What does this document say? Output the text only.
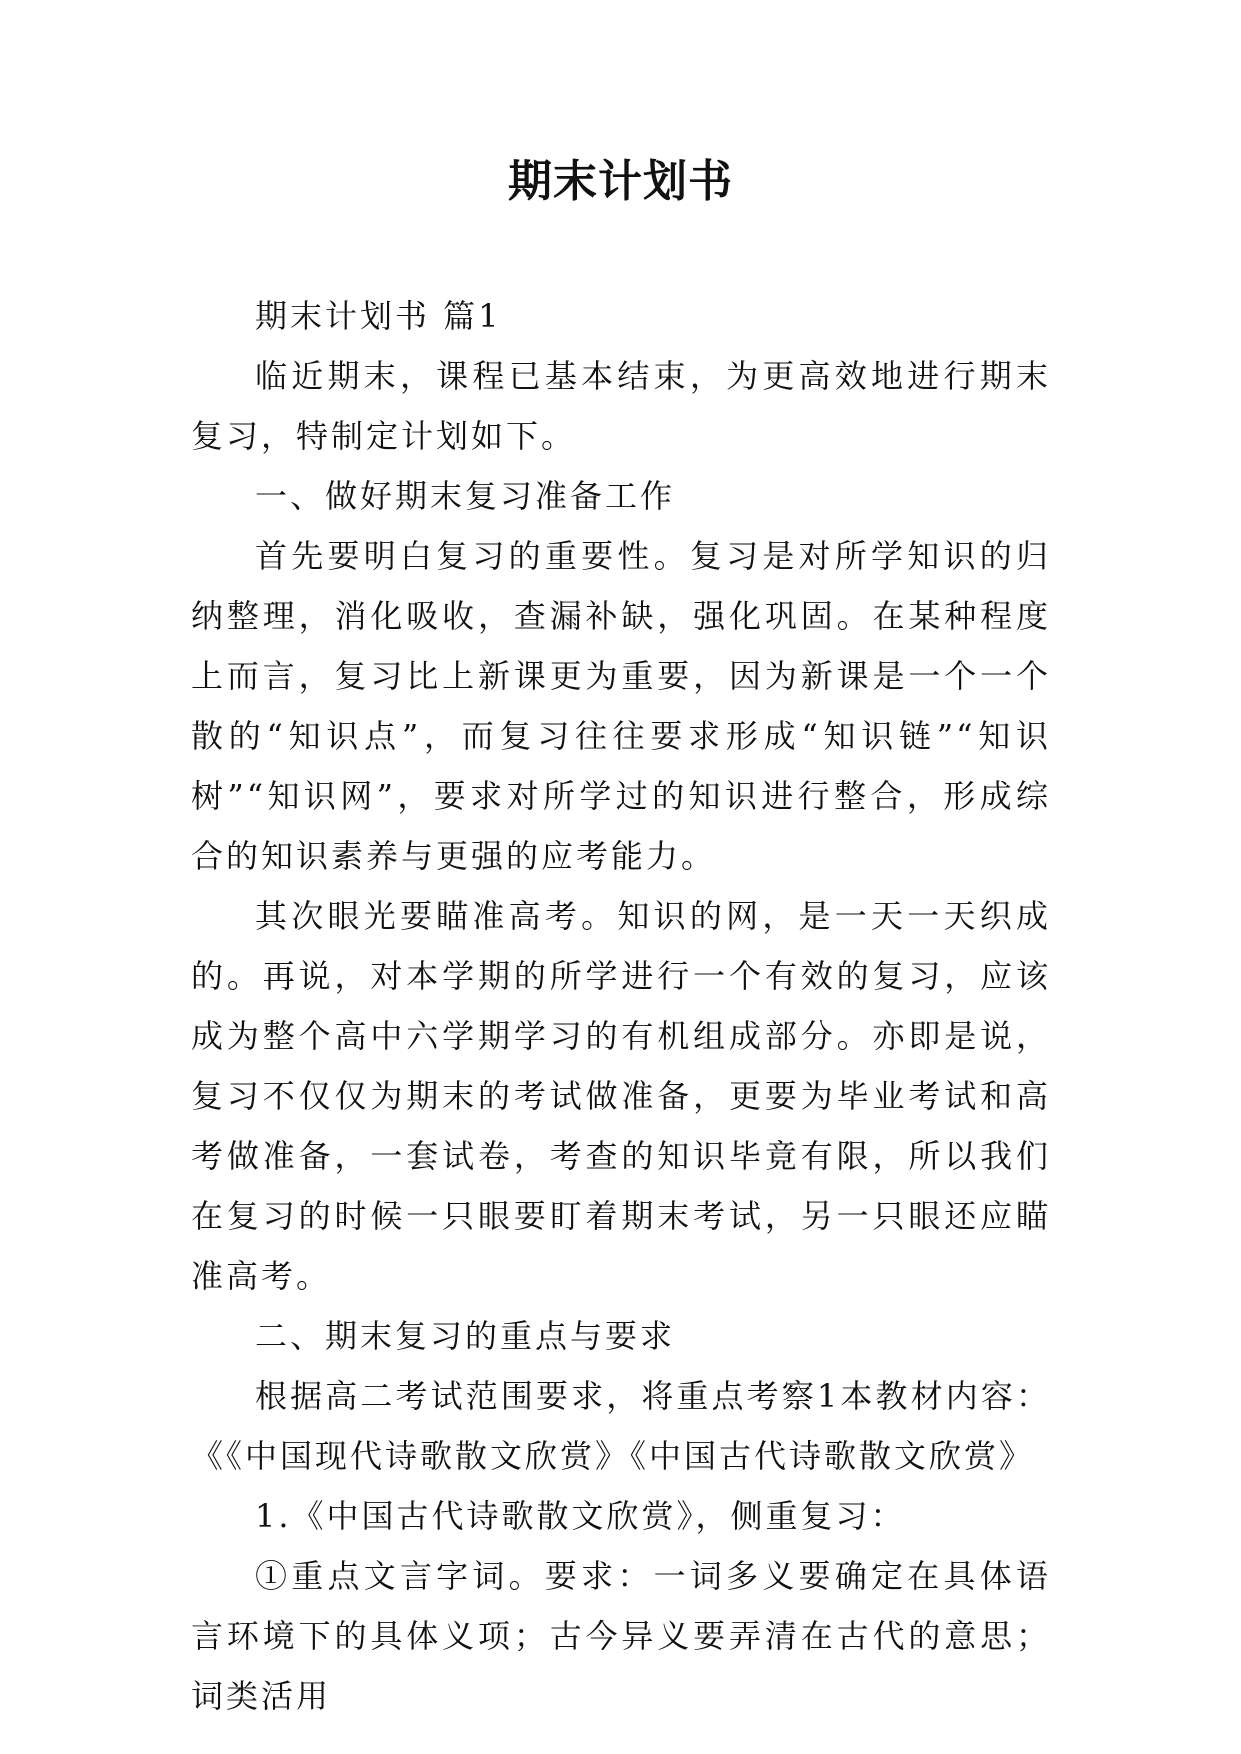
期末计划书

期末计划书 篇1

临近期末，课程已基本结束，为更高效地进行期末复习，特制定计划如下。

一、做好期末复习准备工作

首先要明白复习的重要性。复习是对所学知识的归纳整理，消化吸收，查漏补缺，强化巩固。在某种程度上而言，复习比上新课更为重要，因为新课是一个一个散的“知识点”，而复习往往要求形成“知识链”“知识树”“知识网”，要求对所学过的知识进行整合，形成综合的知识素养与更强的应考能力。

其次眼光要瞄准高考。知识的网，是一天一天织成的。再说，对本学期的所学进行一个有效的复习，应该成为整个高中六学期学习的有机组成部分。亦即是说，复习不仅仅为期末的考试做准备，更要为毕业考试和高考做准备，一套试卷，考查的知识毕竟有限，所以我们在复习的时候一只眼要盯着期末考试，另一只眼还应瞄准高考。

二、期末复习的重点与要求

根据高二考试范围要求，将重点考察1本教材内容：《《中国现代诗歌散文欣赏》《中国古代诗歌散文欣赏》

1.《中国古代诗歌散文欣赏》，侧重复习：

①重点文言字词。要求：一词多义要确定在具体语言环境下的具体义项；古今异义要弄清在古代的意思；词类活用
